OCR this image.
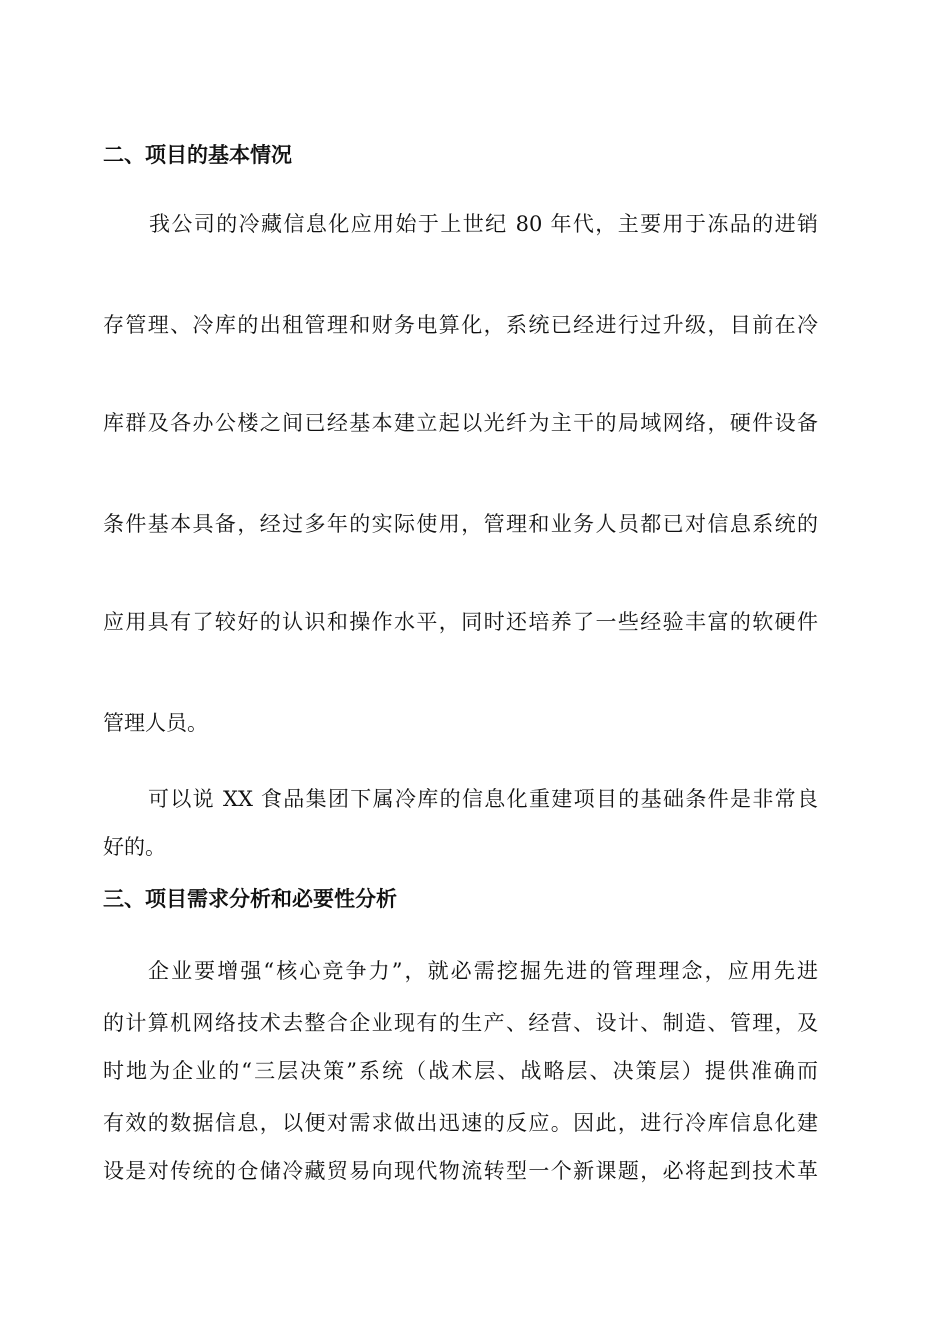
二、项目的基本情况

我公司的冷藏信息化应用始于上世纪 80 年代，主要用于冻品的进销

存管理、冷库的出租管理和财务电算化，系统已经进行过升级，目前在冷

库群及各办公楼之间已经基本建立起以光纤为主干的局域网络，硬件设备

条件基本具备，经过多年的实际使用，管理和业务人员都已对信息系统的

应用具有了较好的认识和操作水平，同时还培养了一些经验丰富的软硬件

管理人员。

可以说 XX 食品集团下属冷库的信息化重建项目的基础条件是非常良

好的。

三、项目需求分析和必要性分析

企业要增强“核心竞争力”，就必需挖掘先进的管理理念，应用先进

的计算机网络技术去整合企业现有的生产、经营、设计、制造、管理，及

时地为企业的“三层决策”系统（战术层、战略层、决策层）提供准确而

有效的数据信息，以便对需求做出迅速的反应。因此，进行冷库信息化建

设是对传统的仓储冷藏贸易向现代物流转型一个新课题，必将起到技术革
